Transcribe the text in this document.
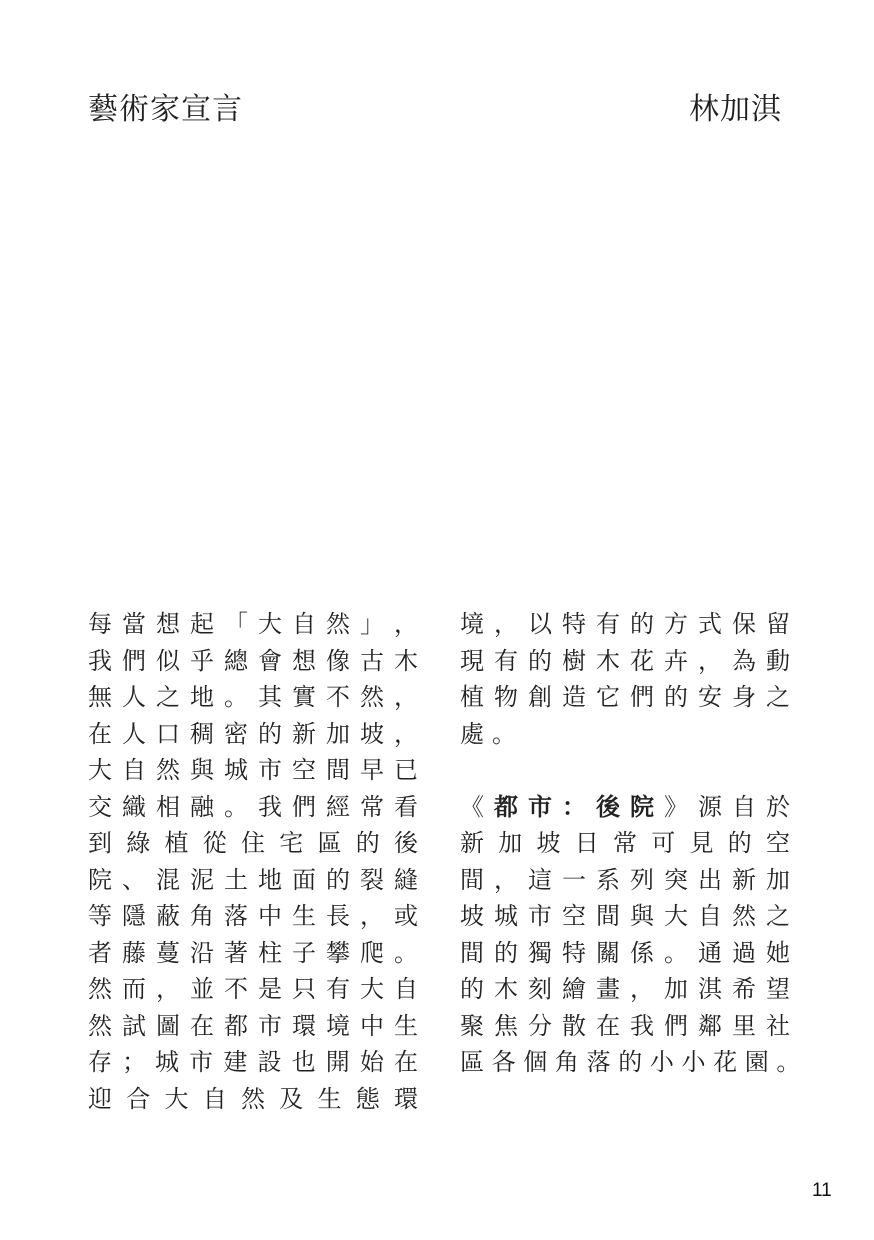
藝術家宣言	林加淇
每 當 想 起 「 大 自 然 」 ，
我 們 似 乎 總 會 想 像 古 木
無 人 之 地 。 其 實 不 然 ，
在 人 口 稠 密 的 新 加 坡 ，
大 自 然 與 城 市 空 間 早 已
交 織 相 融 。 我 們 經 常 看
到 綠 植 從 住 宅 區 的 後
院 、 混 泥 土 地 面 的 裂 縫
等 隱 蔽 角 落 中 生 長 ， 或
者 藤 蔓 沿 著 柱 子 攀 爬 。
然 而 ， 並 不 是 只 有 大 自
然 試 圖 在 都 市 環 境 中 生
存 ； 城 市 建 設 也 開 始 在
迎 合 大 自 然 及 生 態 環
境 ， 以 特 有 的 方 式 保 留
現 有 的 樹 木 花 卉 ， 為 動
植 物 創 造 它 們 的 安 身 之
處。
《都市：後院》源自於
新 加 坡 日 常 可 見 的 空
間 ， 這 一 系 列 突 出 新 加
坡 城 市 空 間 與 大 自 然 之
間 的 獨 特 關 係 。 通 過 她
的 木 刻 繪 畫 ， 加 淇 希 望
聚 焦 分 散 在 我 們 鄰 里 社
區 各 個 角 落 的 小 小 花 園 。
11
